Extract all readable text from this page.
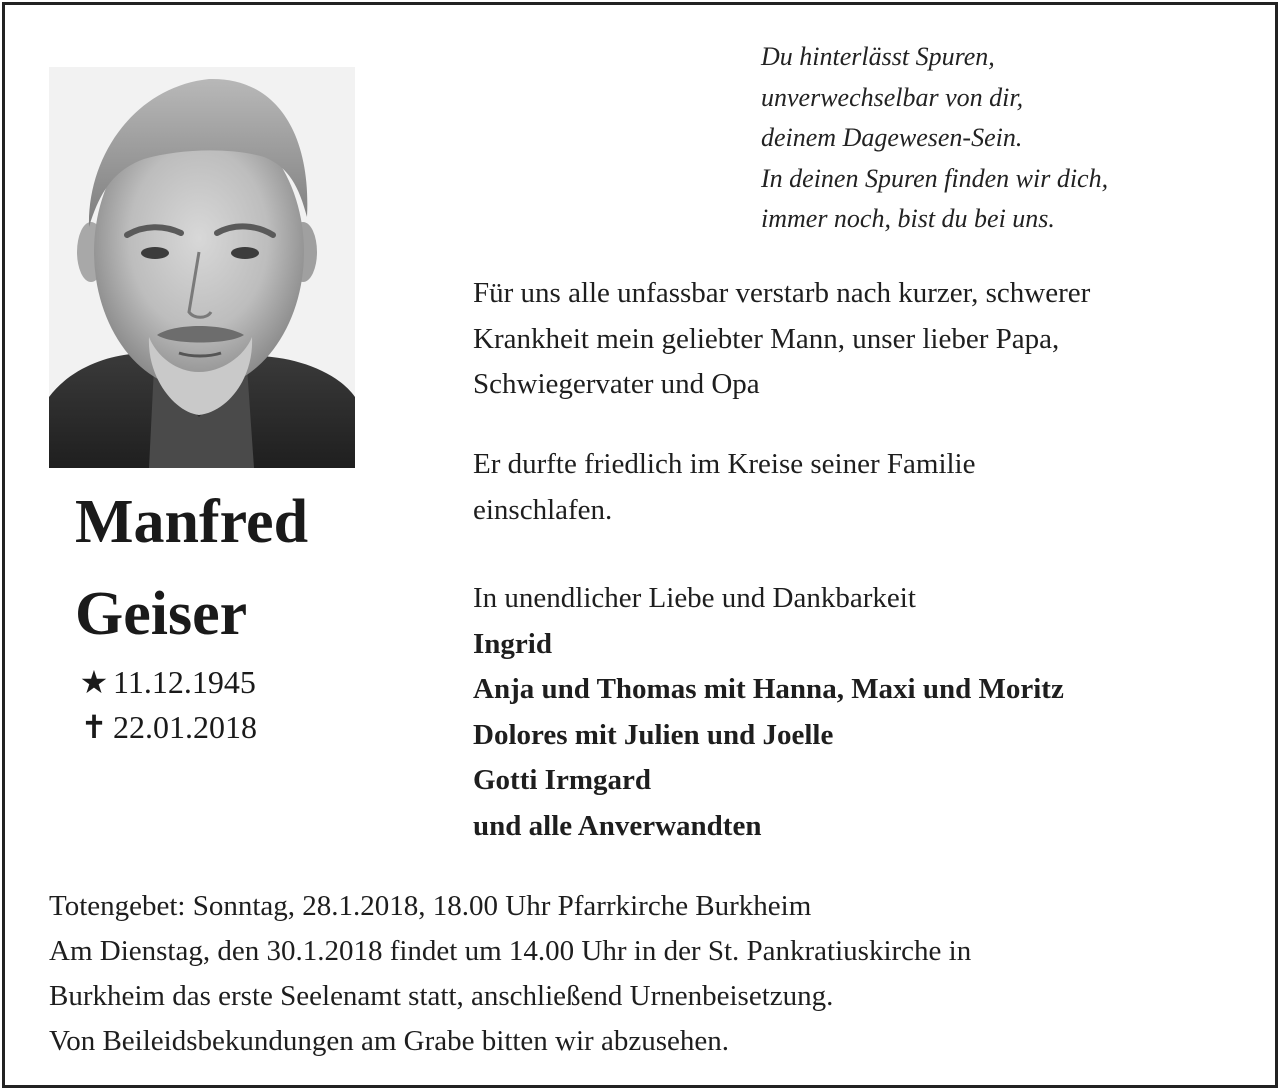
Manfred
Geiser
★ 11.12.1945
✝ 22.01.2018
Du hinterlässt Spuren,
unverwechselbar von dir,
deinem Dagewesen-Sein.
In deinen Spuren finden wir dich,
immer noch, bist du bei uns.
Für uns alle unfassbar verstarb nach kurzer, schwerer
Krankheit mein geliebter Mann, unser lieber Papa,
Schwiegervater und Opa
Er durfte friedlich im Kreise seiner Familie
einschlafen.
In unendlicher Liebe und Dankbarkeit
Ingrid
Anja und Thomas mit Hanna, Maxi und Moritz
Dolores mit Julien und Joelle
Gotti Irmgard
und alle Anverwandten
Totengebet: Sonntag, 28.1.2018, 18.00 Uhr Pfarrkirche Burkheim
Am Dienstag, den 30.1.2018 findet um 14.00 Uhr in der St. Pankratiuskirche in
Burkheim das erste Seelenamt statt, anschließend Urnenbeisetzung.
Von Beileidsbekundungen am Grabe bitten wir abzusehen.
